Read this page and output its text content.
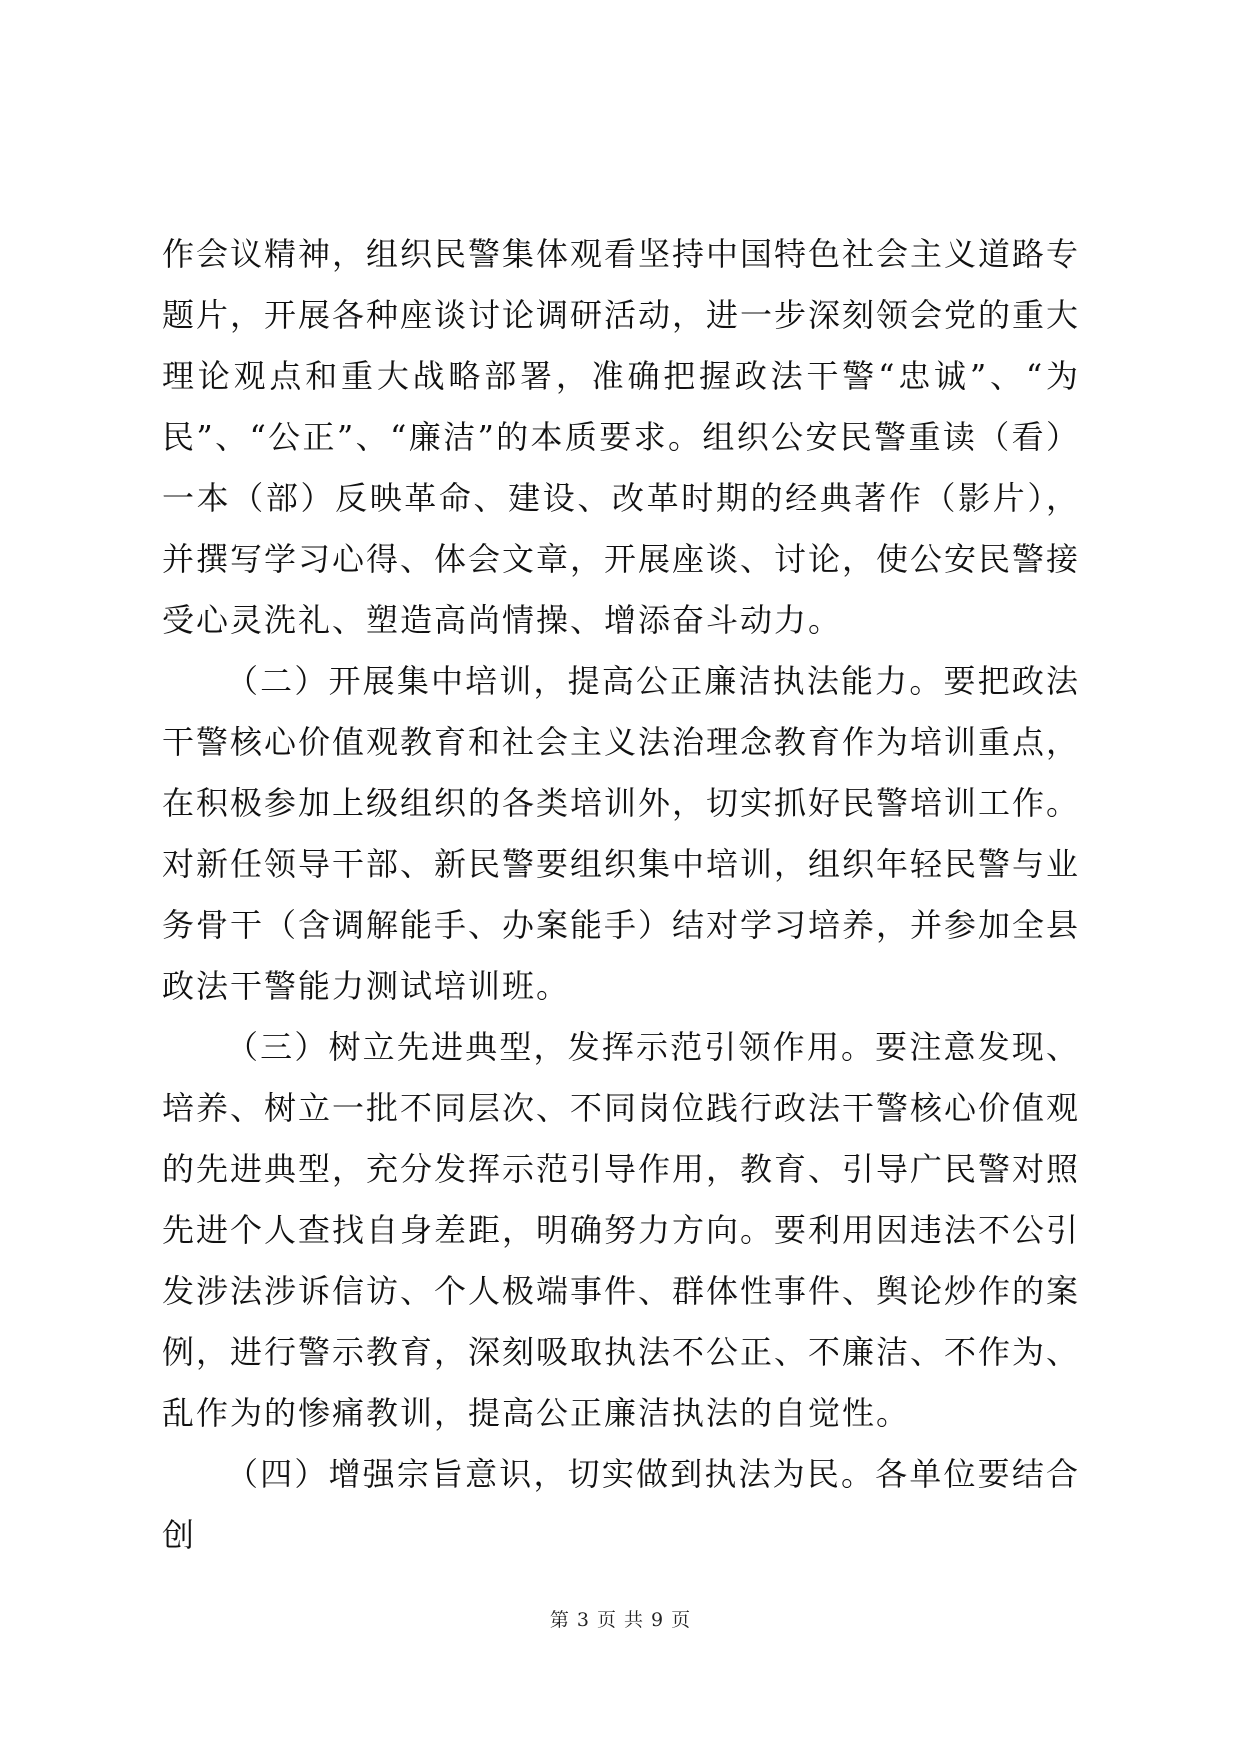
作会议精神，组织民警集体观看坚持中国特色社会主义道路专题片，开展各种座谈讨论调研活动，进一步深刻领会党的重大理论观点和重大战略部署，准确把握政法干警“忠诚”、“为民”、“公正”、“廉洁”的本质要求。组织公安民警重读（看）一本（部）反映革命、建设、改革时期的经典著作（影片），并撰写学习心得、体会文章，开展座谈、讨论，使公安民警接受心灵洗礼、塑造高尚情操、增添奋斗动力。

（二）开展集中培训，提高公正廉洁执法能力。要把政法干警核心价值观教育和社会主义法治理念教育作为培训重点，在积极参加上级组织的各类培训外，切实抓好民警培训工作。对新任领导干部、新民警要组织集中培训，组织年轻民警与业务骨干（含调解能手、办案能手）结对学习培养，并参加全县政法干警能力测试培训班。

（三）树立先进典型，发挥示范引领作用。要注意发现、培养、树立一批不同层次、不同岗位践行政法干警核心价值观的先进典型，充分发挥示范引导作用，教育、引导广民警对照先进个人查找自身差距，明确努力方向。要利用因违法不公引发涉法涉诉信访、个人极端事件、群体性事件、舆论炒作的案例，进行警示教育，深刻吸取执法不公正、不廉洁、不作为、乱作为的惨痛教训，提高公正廉洁执法的自觉性。

（四）增强宗旨意识，切实做到执法为民。各单位要结合创

第 3 页 共 9 页
